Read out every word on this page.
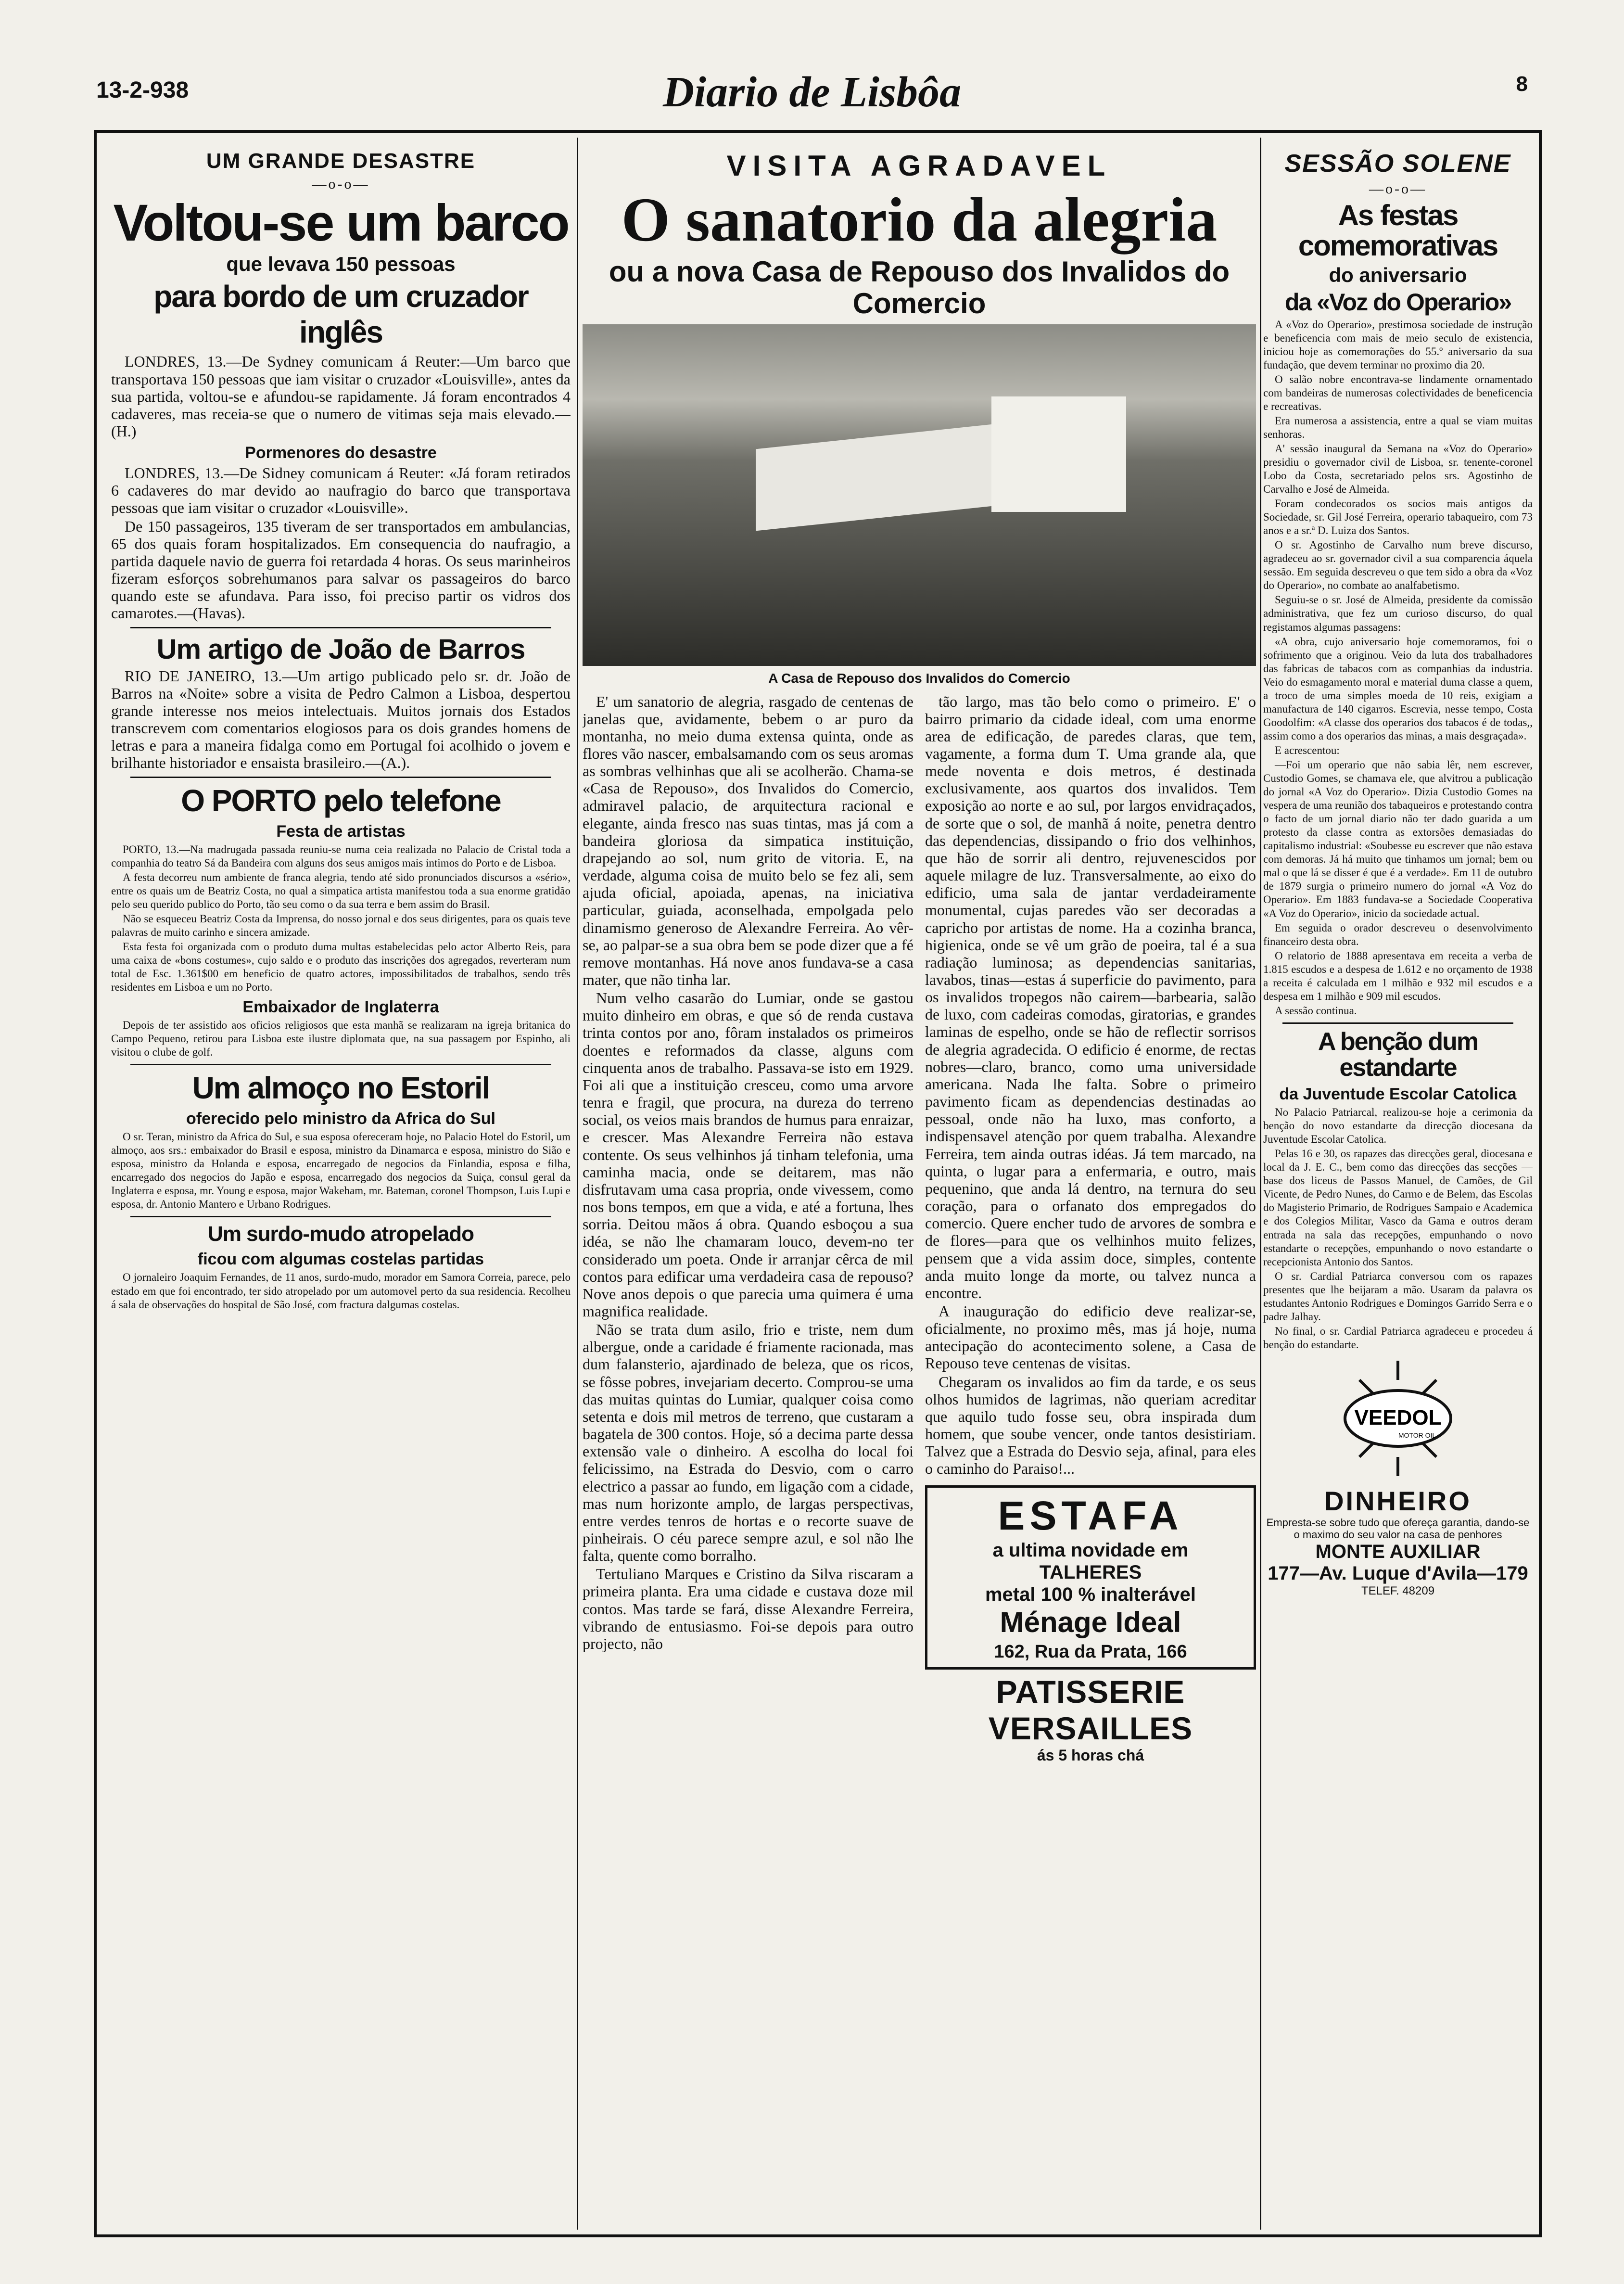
13-2-938	Diario de Lisbôa	8
UM GRANDE DESASTRE
—o-o—
Voltou-se um barco
que levava 150 pessoas
para bordo de um cruzador inglês

LONDRES, 13.—De Sydney comunicam á Reuter:—Um barco que transportava 150 pessoas que iam visitar o cruzador «Louisville», antes da sua partida, voltou-se e afundou-se rapidamente. Já foram encontrados 4 cadaveres, mas receia-se que o numero de vitimas seja mais elevado.—(H.)

Pormenores do desastre

LONDRES, 13.—De Sidney comunicam á Reuter: «Já foram retirados 6 cadaveres do mar devido ao naufragio do barco que transportava pessoas que iam visitar o cruzador «Louisville».

De 150 passageiros, 135 tiveram de ser transportados em ambulancias, 65 dos quais foram hospitalizados. Em consequencia do naufragio, a partida daquele navio de guerra foi retardada 4 horas. Os seus marinheiros fizeram esforços sobrehumanos para salvar os passageiros do barco quando este se afundava. Para isso, foi preciso partir os vidros dos camarotes.—(Havas).

Um artigo de João de Barros

RIO DE JANEIRO, 13.—Um artigo publicado pelo sr. dr. João de Barros na «Noite» sobre a visita de Pedro Calmon a Lisboa, despertou grande interesse nos meios intelectuais. Muitos jornais dos Estados transcrevem com comentarios elogiosos para os dois grandes homens de letras e para a maneira fidalga como em Portugal foi acolhido o jovem e brilhante historiador e ensaista brasileiro.—(A.).

O PORTO pelo telefone
Festa de artistas

PORTO, 13.—Na madrugada passada reuniu-se numa ceia realizada no Palacio de Cristal toda a companhia do teatro Sá da Bandeira com alguns dos seus amigos mais intimos do Porto e de Lisboa.

A festa decorreu num ambiente de franca alegria, tendo até sido pronunciados discursos a «sério», entre os quais um de Beatriz Costa, no qual a simpatica artista manifestou toda a sua enorme gratidão pelo seu querido publico do Porto, tão seu como o da sua terra e bem assim do Brasil.

Não se esqueceu Beatriz Costa da Imprensa, do nosso jornal e dos seus dirigentes, para os quais teve palavras de muito carinho e sincera amizade.

Esta festa foi organizada com o produto duma multas estabelecidas pelo actor Alberto Reis, para uma caixa de «bons costumes», cujo saldo e o produto das inscrições dos agregados, reverteram num total de Esc. 1.361$00 em beneficio de quatro actores, impossibilitados de trabalhos, sendo três residentes em Lisboa e um no Porto.

Embaixador de Inglaterra

Depois de ter assistido aos oficios religiosos que esta manhã se realizaram na igreja britanica do Campo Pequeno, retirou para Lisboa este ilustre diplomata que, na sua passagem por Espinho, ali visitou o clube de golf.

Um almoço no Estoril
oferecido pelo ministro da Africa do Sul

O sr. Teran, ministro da Africa do Sul, e sua esposa ofereceram hoje, no Palacio Hotel do Estoril, um almoço, aos srs.: embaixador do Brasil e esposa, ministro da Dinamarca e esposa, ministro do Sião e esposa, ministro da Holanda e esposa, encarregado de negocios da Finlandia, esposa e filha, encarregado dos negocios do Japão e esposa, encarregado dos negocios da Suiça, consul geral da Inglaterra e esposa, mr. Young e esposa, major Wakeham, mr. Bateman, coronel Thompson, Luis Lupi e esposa, dr. Antonio Mantero e Urbano Rodrigues.

Um surdo-mudo atropelado
ficou com algumas costelas partidas

O jornaleiro Joaquim Fernandes, de 11 anos, surdo-mudo, morador em Samora Correia, parece, pelo estado em que foi encontrado, ter sido atropelado por um automovel perto da sua residencia. Recolheu á sala de observações do hospital de São José, com fractura dalgumas costelas.

VISITA AGRADAVEL
O sanatorio da alegria
ou a nova Casa de Repouso dos Invalidos do Comercio
A Casa de Repouso dos Invalidos do Comercio

E' um sanatorio de alegria, rasgado de centenas de janelas que, avidamente, bebem o ar puro da montanha, no meio duma extensa quinta, onde as flores vão nascer, embalsamando com os seus aromas as sombras velhinhas que ali se acolherão. Chama-se «Casa de Repouso», dos Invalidos do Comercio, admiravel palacio, de arquitectura racional e elegante, ainda fresco nas suas tintas, mas já com a bandeira gloriosa da simpatica instituição, drapejando ao sol, num grito de vitoria. E, na verdade, alguma coisa de muito belo se fez ali, sem ajuda oficial, apoiada, apenas, na iniciativa particular, guiada, aconselhada, empolgada pelo dinamismo generoso de Alexandre Ferreira. Ao vêr-se, ao palpar-se a sua obra bem se pode dizer que a fé remove montanhas. Há nove anos fundava-se a casa mater, que não tinha lar.

Num velho casarão do Lumiar, onde se gastou muito dinheiro em obras, e que só de renda custava trinta contos por ano, fôram instalados os primeiros doentes e reformados da classe, alguns com cinquenta anos de trabalho. Passava-se isto em 1929. Foi ali que a instituição cresceu, como uma arvore tenra e fragil, que procura, na dureza do terreno social, os veios mais brandos de humus para enraizar, e crescer. Mas Alexandre Ferreira não estava contente. Os seus velhinhos já tinham telefonia, uma caminha macia, onde se deitarem, mas não disfrutavam uma casa propria, onde vivessem, como nos bons tempos, em que a vida, e até a fortuna, lhes sorria. Deitou mãos á obra. Quando esboçou a sua idéa, se não lhe chamaram louco, devem-no ter considerado um poeta. Onde ir arranjar cêrca de mil contos para edificar uma verdadeira casa de repouso? Nove anos depois o que parecia uma quimera é uma magnifica realidade.

Não se trata dum asilo, frio e triste, nem dum albergue, onde a caridade é friamente racionada, mas dum falansterio, ajardinado de beleza, que os ricos, se fôsse pobres, invejariam decerto. Comprou-se uma das muitas quintas do Lumiar, qualquer coisa como setenta e dois mil metros de terreno, que custaram a bagatela de 300 contos. Hoje, só a decima parte dessa extensão vale o dinheiro. A escolha do local foi felicissimo, na Estrada do Desvio, com o carro electrico a passar ao fundo, em ligação com a cidade, mas num horizonte amplo, de largas perspectivas, entre verdes tenros de hortas e o recorte suave de pinheirais. O céu parece sempre azul, e sol não lhe falta, quente como borralho.

Tertuliano Marques e Cristino da Silva riscaram a primeira planta. Era uma cidade e custava doze mil contos. Mas tarde se fará, disse Alexandre Ferreira, vibrando de entusiasmo. Foi-se depois para outro projecto, não

tão largo, mas tão belo como o primeiro. E' o bairro primario da cidade ideal, com uma enorme area de edificação, de paredes claras, que tem, vagamente, a forma dum T. Uma grande ala, que mede noventa e dois metros, é destinada exclusivamente, aos quartos dos invalidos. Tem exposição ao norte e ao sul, por largos envidraçados, de sorte que o sol, de manhã á noite, penetra dentro das dependencias, dissipando o frio dos velhinhos, que hão de sorrir ali dentro, rejuvenescidos por aquele milagre de luz. Transversalmente, ao eixo do edificio, uma sala de jantar verdadeiramente monumental, cujas paredes vão ser decoradas a capricho por artistas de nome. Ha a cozinha branca, higienica, onde se vê um grão de poeira, tal é a sua radiação luminosa; as dependencias sanitarias, lavabos, tinas—estas á superficie do pavimento, para os invalidos tropegos não cairem—barbearia, salão de luxo, com cadeiras comodas, giratorias, e grandes laminas de espelho, onde se hão de reflectir sorrisos de alegria agradecida. O edificio é enorme, de rectas nobres—claro, branco, como uma universidade americana. Nada lhe falta. Sobre o primeiro pavimento ficam as dependencias destinadas ao pessoal, onde não ha luxo, mas conforto, a indispensavel atenção por quem trabalha. Alexandre Ferreira, tem ainda outras idéas. Já tem marcado, na quinta, o lugar para a enfermaria, e outro, mais pequenino, que anda lá dentro, na ternura do seu coração, para o orfanato dos empregados do comercio. Quere encher tudo de arvores de sombra e de flores—para que os velhinhos muito felizes, pensem que a vida assim doce, simples, contente anda muito longe da morte, ou talvez nunca a encontre.

A inauguração do edificio deve realizar-se, oficialmente, no proximo mês, mas já hoje, numa antecipação do acontecimento solene, a Casa de Repouso teve centenas de visitas.

Chegaram os invalidos ao fim da tarde, e os seus olhos humidos de lagrimas, não queriam acreditar que aquilo tudo fosse seu, obra inspirada dum homem, que soube vencer, onde tantos desistiriam. Talvez que a Estrada do Desvio seja, afinal, para eles o caminho do Paraiso!...

ESTAFA
a ultima novidade em
TALHERES
metal 100 % inalterável
Ménage Ideal
162, Rua da Prata, 166
PATISSERIE VERSAILLES
ás 5 horas chá
SESSÃO SOLENE
—o-o—
As festas comemorativas
do aniversario
da «Voz do Operario»

A «Voz do Operario», prestimosa sociedade de instrução e beneficencia com mais de meio seculo de existencia, iniciou hoje as comemorações do 55.º aniversario da sua fundação, que devem terminar no proximo dia 20.

O salão nobre encontrava-se lindamente ornamentado com bandeiras de numerosas colectividades de beneficencia e recreativas.

Era numerosa a assistencia, entre a qual se viam muitas senhoras.

A' sessão inaugural da Semana na «Voz do Operario» presidiu o governador civil de Lisboa, sr. tenente-coronel Lobo da Costa, secretariado pelos srs. Agostinho de Carvalho e José de Almeida.

Foram condecorados os socios mais antigos da Sociedade, sr. Gil José Ferreira, operario tabaqueiro, com 73 anos e a sr.ª D. Luiza dos Santos.

O sr. Agostinho de Carvalho num breve discurso, agradeceu ao sr. governador civil a sua comparencia áquela sessão. Em seguida descreveu o que tem sido a obra da «Voz do Operario», no combate ao analfabetismo.

Seguiu-se o sr. José de Almeida, presidente da comissão administrativa, que fez um curioso discurso, do qual registamos algumas passagens:

«A obra, cujo aniversario hoje comemoramos, foi o sofrimento que a originou. Veio da luta dos trabalhadores das fabricas de tabacos com as companhias da industria. Veio do esmagamento moral e material duma classe a quem, a troco de uma simples moeda de 10 reis, exigiam a manufactura de 140 cigarros. Escrevia, nesse tempo, Costa Goodolfim: «A classe dos operarios dos tabacos é de todas,, assim como a dos operarios das minas, a mais desgraçada».

E acrescentou:

—Foi um operario que não sabia lêr, nem escrever, Custodio Gomes, se chamava ele, que alvitrou a publicação do jornal «A Voz do Operario». Dizia Custodio Gomes na vespera de uma reunião dos tabaqueiros e protestando contra o facto de um jornal diario não ter dado guarida a um protesto da classe contra as extorsões demasiadas do capitalismo industrial: «Soubesse eu escrever que não estava com demoras. Já há muito que tinhamos um jornal; bem ou mal o que lá se disser é que é a verdade». Em 11 de outubro de 1879 surgia o primeiro numero do jornal «A Voz do Operario». Em 1883 fundava-se a Sociedade Cooperativa «A Voz do Operario», inicio da sociedade actual.

Em seguida o orador descreveu o desenvolvimento financeiro desta obra.

O relatorio de 1888 apresentava em receita a verba de 1.815 escudos e a despesa de 1.612 e no orçamento de 1938 a receita é calculada em 1 milhão e 932 mil escudos e a despesa em 1 milhão e 909 mil escudos.

A sessão continua.

A benção dum estandarte
da Juventude Escolar Catolica

No Palacio Patriarcal, realizou-se hoje a cerimonia da benção do novo estandarte da direcção diocesana da Juventude Escolar Catolica.

Pelas 16 e 30, os rapazes das direcções geral, diocesana e local da J. E. C., bem como das direcções das secções — base dos liceus de Passos Manuel, de Camões, de Gil Vicente, de Pedro Nunes, do Carmo e de Belem, das Escolas do Magisterio Primario, de Rodrigues Sampaio e Academica e dos Colegios Militar, Vasco da Gama e outros deram entrada na sala das recepções, empunhando o novo estandarte o recepções, empunhando o novo estandarte o recepcionista Antonio dos Santos.

O sr. Cardial Patriarca conversou com os rapazes presentes que lhe beijaram a mão. Usaram da palavra os estudantes Antonio Rodrigues e Domingos Garrido Serra e o padre Jalhay.

No final, o sr. Cardial Patriarca agradeceu e procedeu á benção do estandarte.

VEEDOL
MOTOR OIL
DINHEIRO
Empresta-se sobre tudo que ofereça garantia, dando-se o maximo do seu valor na casa de penhores
MONTE AUXILIAR
177—Av. Luque d'Avila—179
TELEF. 48209
